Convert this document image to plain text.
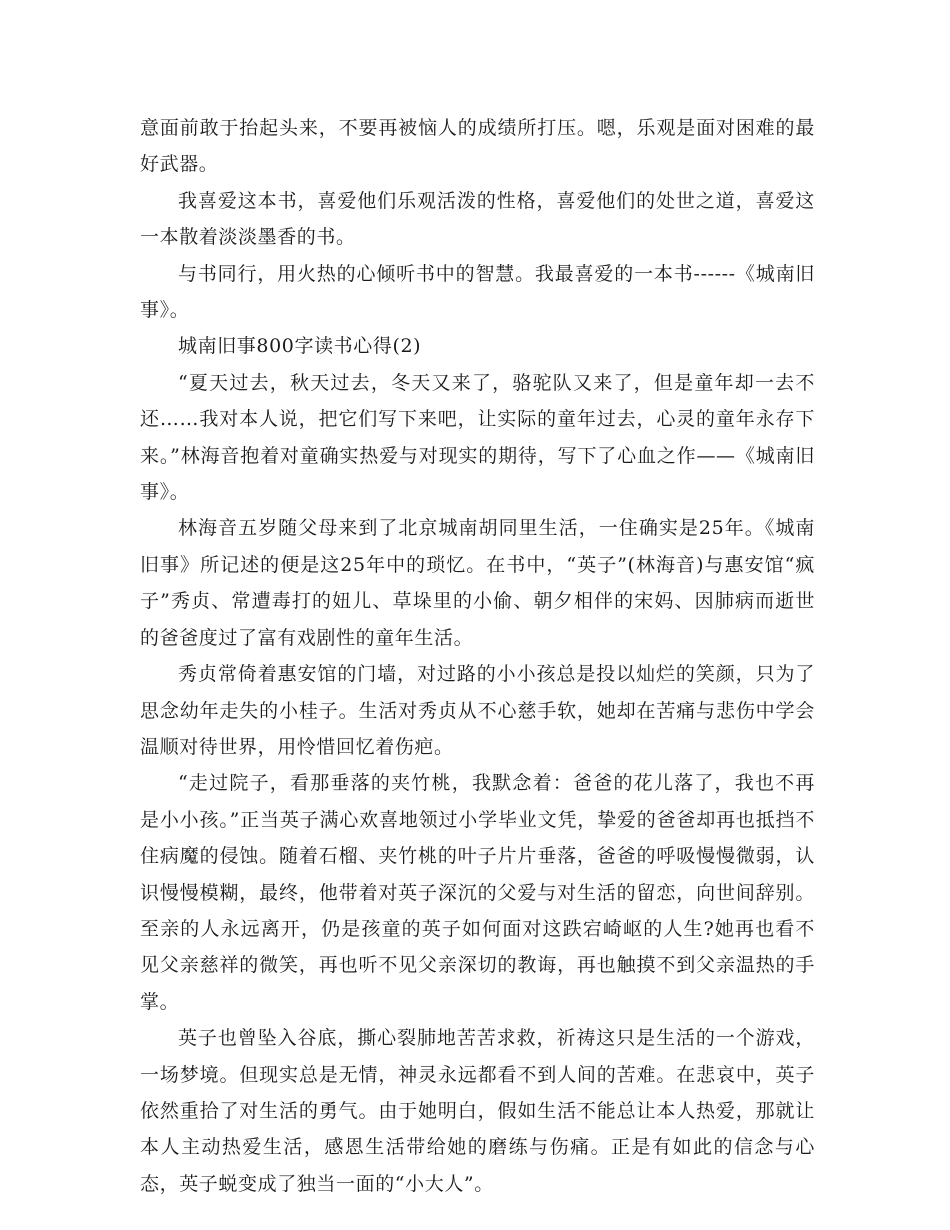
意面前敢于抬起头来，不要再被恼人的成绩所打压。嗯，乐观是面对困难的最好武器。

我喜爱这本书，喜爱他们乐观活泼的性格，喜爱他们的处世之道，喜爱这一本散着淡淡墨香的书。

与书同行，用火热的心倾听书中的智慧。我最喜爱的一本书------《城南旧事》。

城南旧事800字读书心得(2)

“夏天过去，秋天过去，冬天又来了，骆驼队又来了，但是童年却一去不还……我对本人说，把它们写下来吧，让实际的童年过去，心灵的童年永存下来。”林海音抱着对童确实热爱与对现实的期待，写下了心血之作——《城南旧事》。

林海音五岁随父母来到了北京城南胡同里生活，一住确实是25年。《城南旧事》所记述的便是这25年中的琐忆。在书中，“英子”(林海音)与惠安馆“疯子”秀贞、常遭毒打的妞儿、草垛里的小偷、朝夕相伴的宋妈、因肺病而逝世的爸爸度过了富有戏剧性的童年生活。

秀贞常倚着惠安馆的门墙，对过路的小小孩总是投以灿烂的笑颜，只为了思念幼年走失的小桂子。生活对秀贞从不心慈手软，她却在苦痛与悲伤中学会温顺对待世界，用怜惜回忆着伤疤。

“走过院子，看那垂落的夹竹桃，我默念着：爸爸的花儿落了，我也不再是小小孩。”正当英子满心欢喜地领过小学毕业文凭，挚爱的爸爸却再也抵挡不住病魔的侵蚀。随着石榴、夹竹桃的叶子片片垂落，爸爸的呼吸慢慢微弱，认识慢慢模糊，最终，他带着对英子深沉的父爱与对生活的留恋，向世间辞别。至亲的人永远离开，仍是孩童的英子如何面对这跌宕崎岖的人生?她再也看不见父亲慈祥的微笑，再也听不见父亲深切的教诲，再也触摸不到父亲温热的手掌。

英子也曾坠入谷底，撕心裂肺地苦苦求救，祈祷这只是生活的一个游戏，一场梦境。但现实总是无情，神灵永远都看不到人间的苦难。在悲哀中，英子依然重拾了对生活的勇气。由于她明白，假如生活不能总让本人热爱，那就让本人主动热爱生活，感恩生活带给她的磨练与伤痛。正是有如此的信念与心态，英子蜕变成了独当一面的“小大人”。
